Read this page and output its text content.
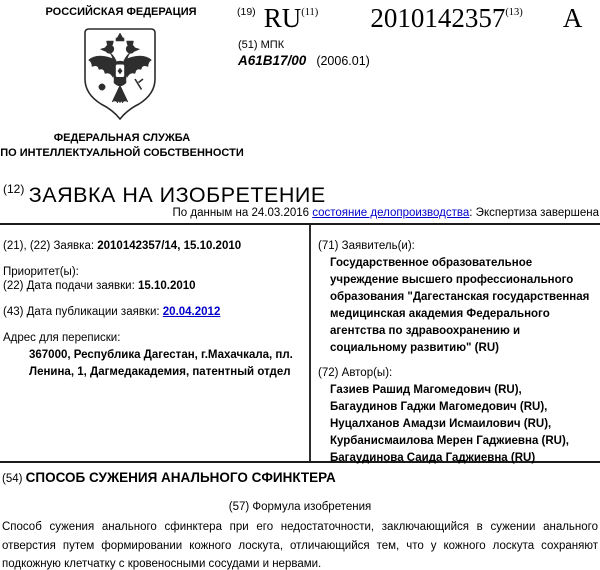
РОССИЙСКАЯ ФЕДЕРАЦИЯ
ФЕДЕРАЛЬНАЯ СЛУЖБА
ПО ИНТЕЛЛЕКТУАЛЬНОЙ СОБСТВЕННОСТИ
$^{(19)}$ RU$^{(11)}$ 2010142357$^{(13)}$ A
(51) МПК
A61B17/00 (2006.01)
$^{(12)}$ ЗАЯВКА НА ИЗОБРЕТЕНИЕ
По данным на 24.03.2016 состояние делопроизводства: Экспертиза завершена
(21), (22) Заявка: 2010142357/14, 15.10.2010
Приоритет(ы):
(22) Дата подачи заявки: 15.10.2010
(43) Дата публикации заявки: 20.04.2012
Адрес для переписки:
367000, Республика Дагестан, г.Махачкала, пл.
Ленина, 1, Дагмедакадемия, патентный отдел
(71) Заявитель(и):
Государственное образовательное
учреждение высшего профессионального
образования "Дагестанская государственная
медицинская академия Федерального
агентства по здравоохранению и
социальному развитию" (RU)
(72) Автор(ы):
Газиев Рашид Магомедович (RU),
Багаудинов Гаджи Магомедович (RU),
Нуцалханов Амадзи Исмаилович (RU),
Курбанисмаилова Мерен Гаджиевна (RU),
Багаудинова Саида Гаджиевна (RU)
(54) СПОСОБ СУЖЕНИЯ АНАЛЬНОГО СФИНКТЕРА
(57) Формула изобретения
Способ сужения анального сфинктера при его недостаточности, заключающийся в сужении анального отверстия путем формировании кожного лоскута, отличающийся тем, что у кожного лоскута сохраняют подкожную клетчатку с кровеносными сосудами и нервами.
